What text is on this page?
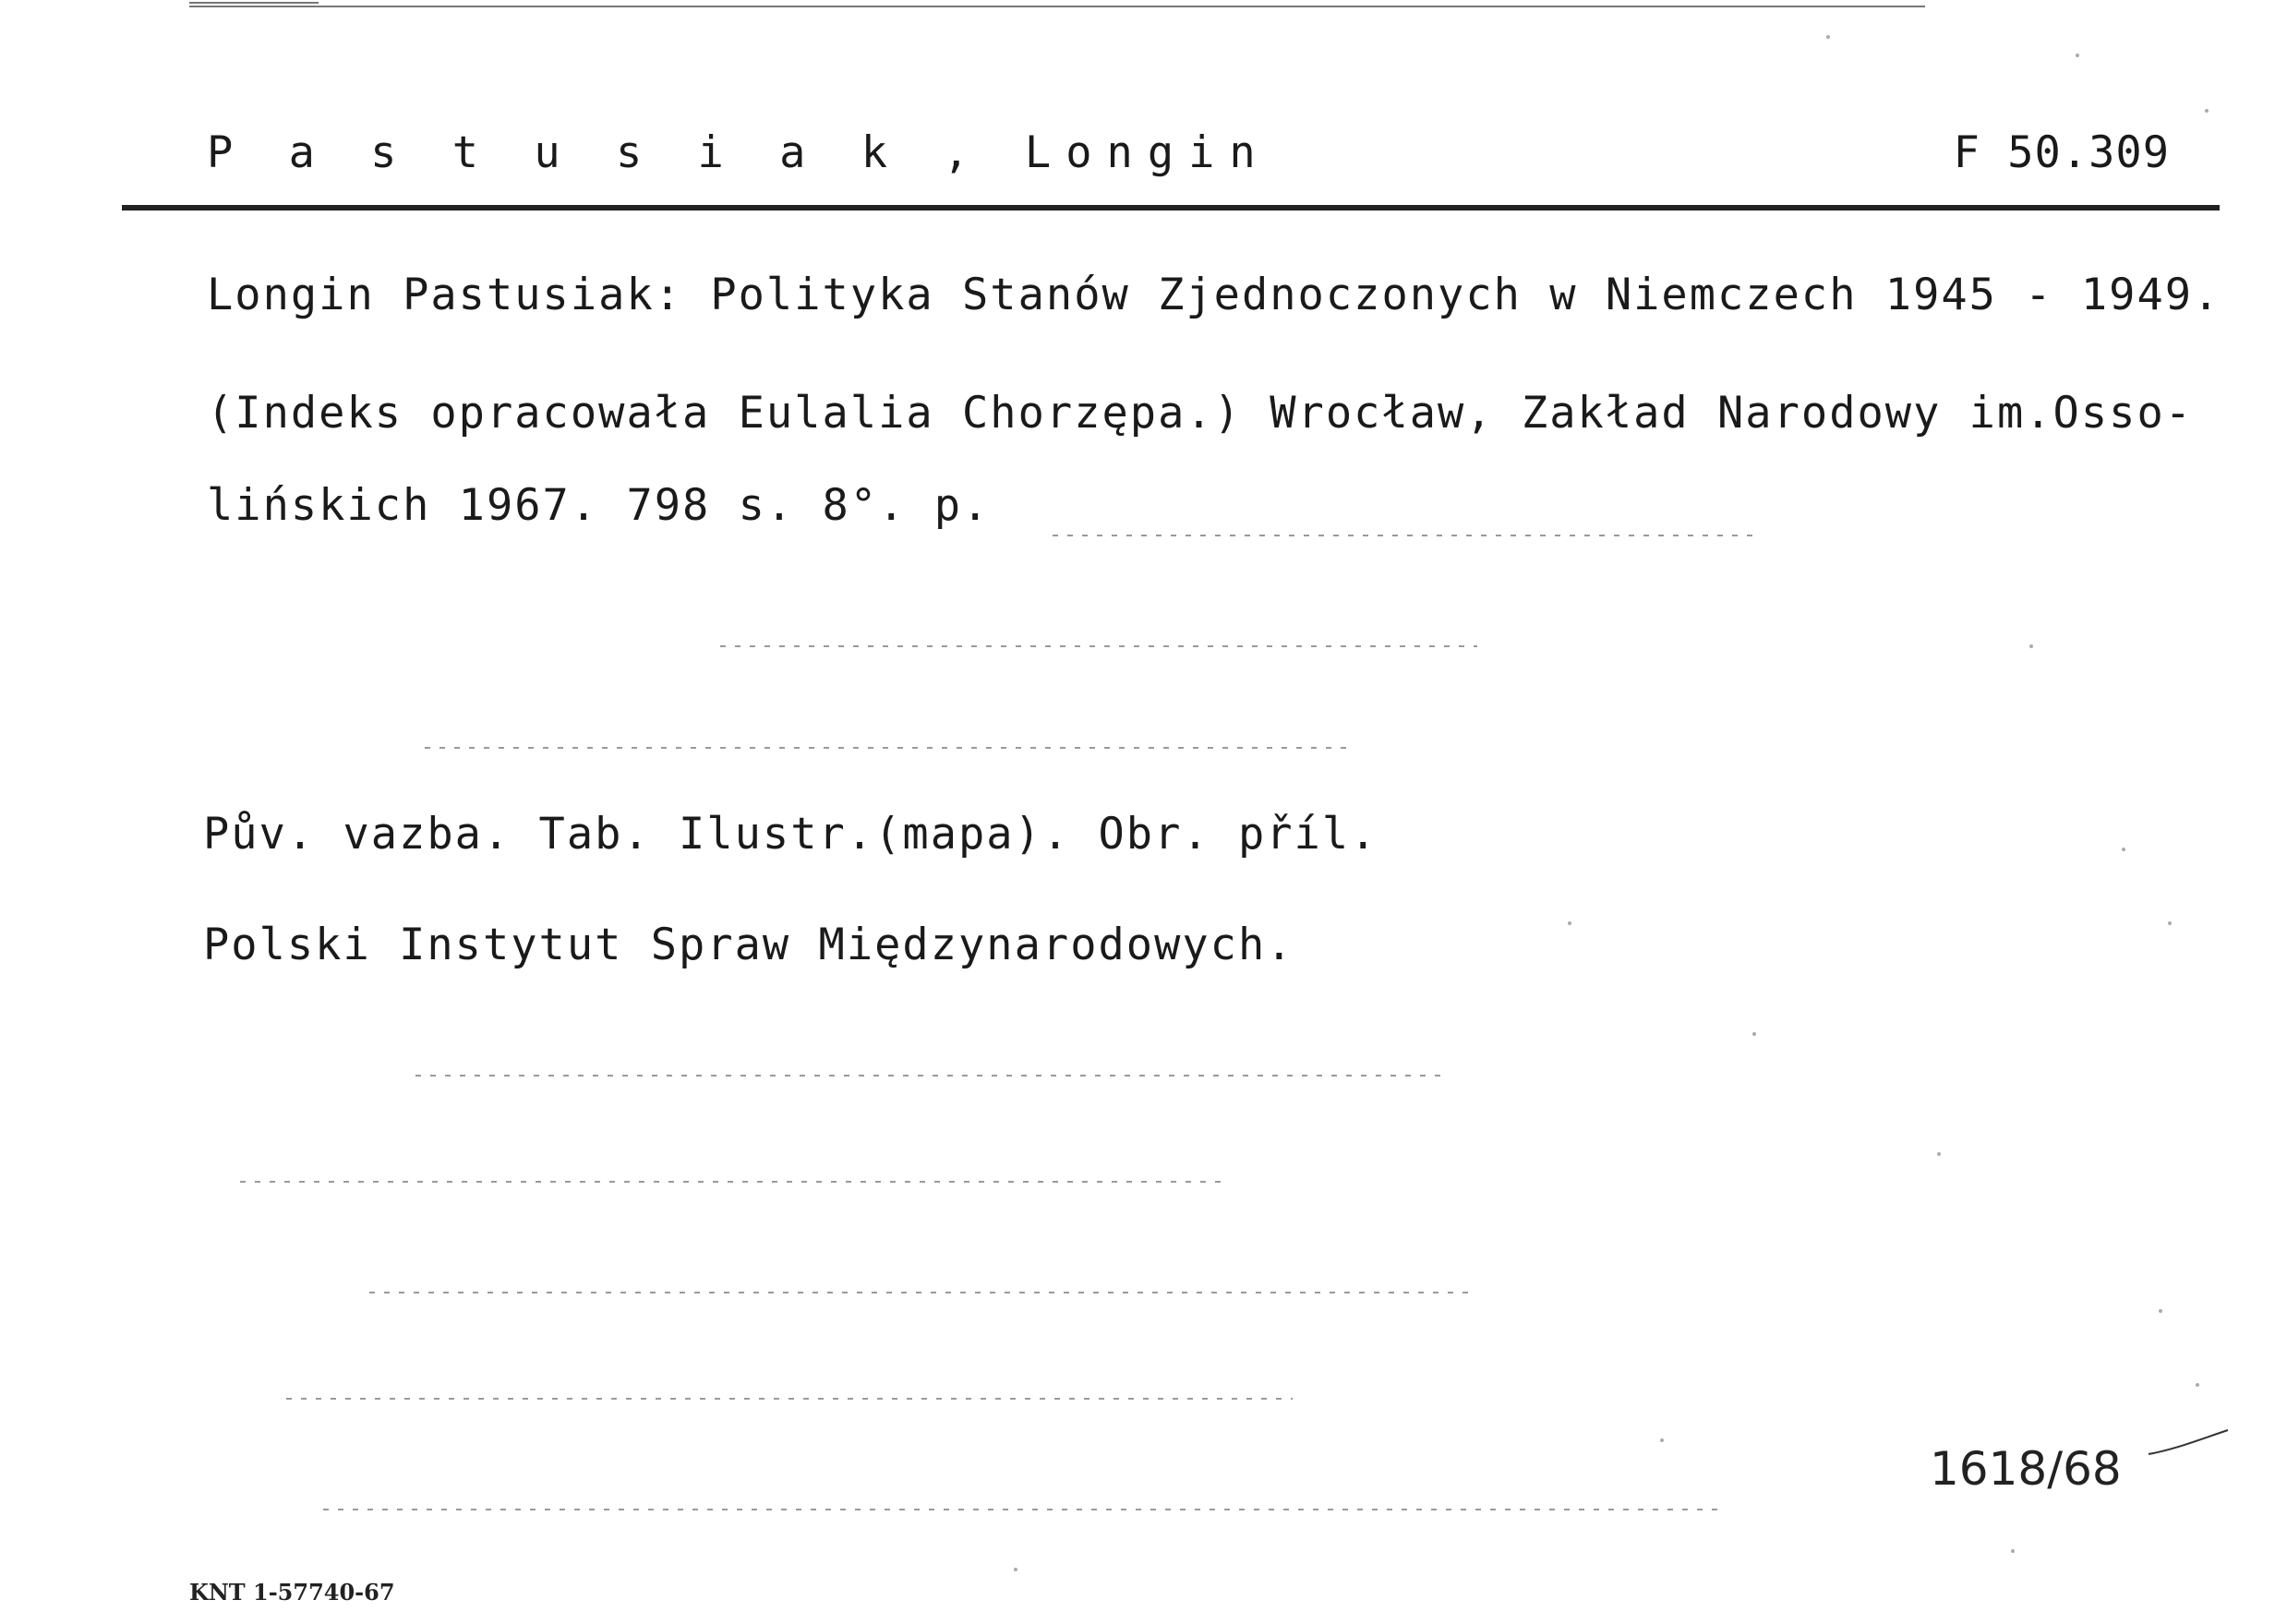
P a s t u s i a k , Longin	F 50.309
Longin Pastusiak: Polityka Stanów Zjednoczonych w Niemczech 1945 - 1949.
(Indeks opracowała Eulalia Chorzępa.) Wrocław, Zakład Narodowy im.Osso-
lińskich 1967. 798 s. 8°. p.
Pův. vazba. Tab. Ilustr.(mapa). Obr. příl.
Polski Instytut Spraw Międzynarodowych.
1618/68
KNT 1-57740-67
